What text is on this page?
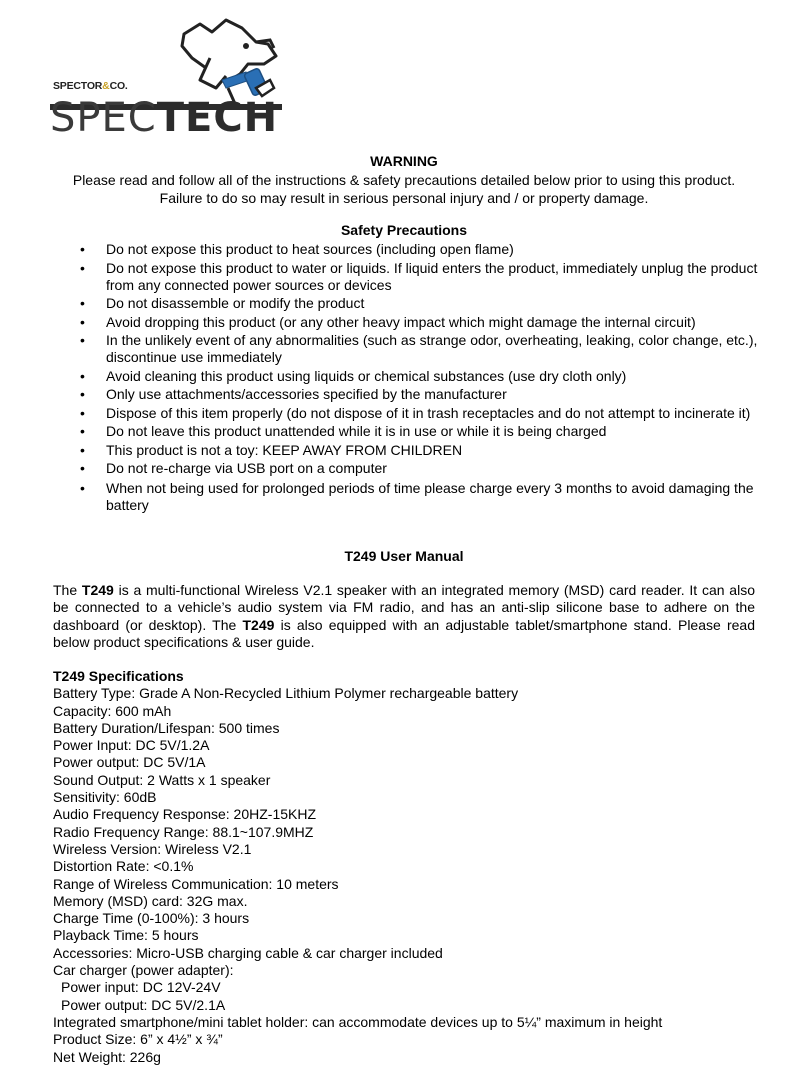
SPECTOR&CO.
SPECTECH
WARNING
Please read and follow all of the instructions & safety precautions detailed below prior to using this product. Failure to do so may result in serious personal injury and / or property damage.
Safety Precautions
• Do not expose this product to heat sources (including open flame)
• Do not expose this product to water or liquids. If liquid enters the product, immediately unplug the product from any connected power sources or devices
• Do not disassemble or modify the product
• Avoid dropping this product (or any other heavy impact which might damage the internal circuit)
• In the unlikely event of any abnormalities (such as strange odor, overheating, leaking, color change, etc.), discontinue use immediately
• Avoid cleaning this product using liquids or chemical substances (use dry cloth only)
• Only use attachments/accessories specified by the manufacturer
• Dispose of this item properly (do not dispose of it in trash receptacles and do not attempt to incinerate it)
• Do not leave this product unattended while it is in use or while it is being charged
• This product is not a toy: KEEP AWAY FROM CHILDREN
• Do not re-charge via USB port on a computer
• When not being used for prolonged periods of time please charge every 3 months to avoid damaging the battery
T249 User Manual
The T249 is a multi-functional Wireless V2.1 speaker with an integrated memory (MSD) card reader. It can also be connected to a vehicle’s audio system via FM radio, and has an anti-slip silicone base to adhere on the dashboard (or desktop). The T249 is also equipped with an adjustable tablet/smartphone stand. Please read below product specifications & user guide.
T249 Specifications
Battery Type: Grade A Non-Recycled Lithium Polymer rechargeable battery
Capacity: 600 mAh
Battery Duration/Lifespan: 500 times
Power Input: DC 5V/1.2A
Power output: DC 5V/1A
Sound Output: 2 Watts x 1 speaker
Sensitivity: 60dB
Audio Frequency Response: 20HZ-15KHZ
Radio Frequency Range: 88.1~107.9MHZ
Wireless Version: Wireless V2.1
Distortion Rate: <0.1%
Range of Wireless Communication: 10 meters
Memory (MSD) card: 32G max.
Charge Time (0-100%): 3 hours
Playback Time: 5 hours
Accessories: Micro-USB charging cable & car charger included
Car charger (power adapter):
Power input: DC 12V-24V
Power output: DC 5V/2.1A
Integrated smartphone/mini tablet holder: can accommodate devices up to 5¼” maximum in height
Product Size: 6” x 4½” x ¾”
Net Weight: 226g
